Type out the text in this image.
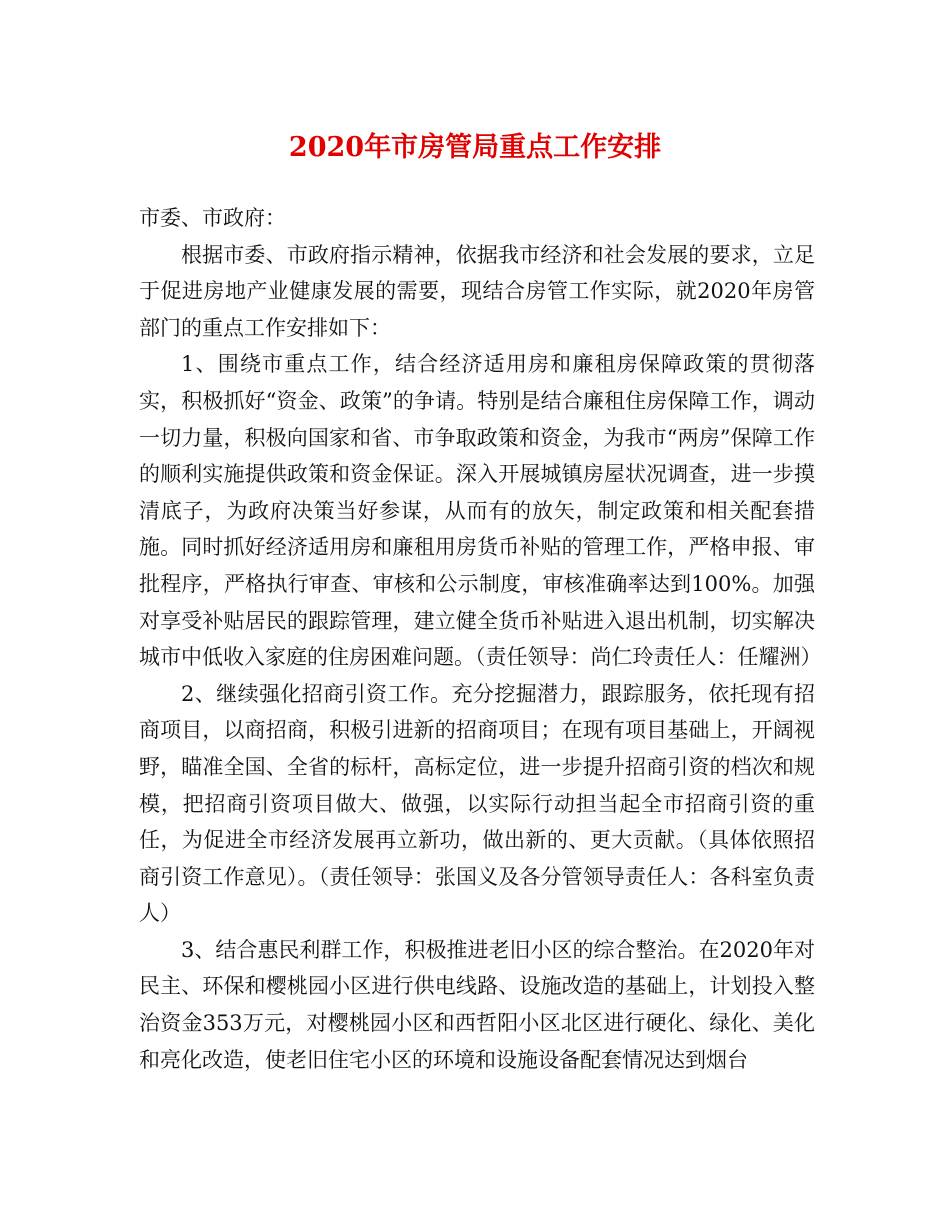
2020年市房管局重点工作安排

市委、市政府：

根据市委、市政府指示精神，依据我市经济和社会发展的要求，立足于促进房地产业健康发展的需要，现结合房管工作实际，就2020年房管部门的重点工作安排如下：

1、围绕市重点工作，结合经济适用房和廉租房保障政策的贯彻落实，积极抓好“资金、政策”的争请。特别是结合廉租住房保障工作，调动一切力量，积极向国家和省、市争取政策和资金，为我市“两房”保障工作的顺利实施提供政策和资金保证。深入开展城镇房屋状况调查，进一步摸清底子，为政府决策当好参谋，从而有的放矢，制定政策和相关配套措施。同时抓好经济适用房和廉租用房货币补贴的管理工作，严格申报、审批程序，严格执行审查、审核和公示制度，审核准确率达到100%。加强对享受补贴居民的跟踪管理，建立健全货币补贴进入退出机制，切实解决城市中低收入家庭的住房困难问题。（责任领导：尚仁玲责任人：任耀洲）

2、继续强化招商引资工作。充分挖掘潜力，跟踪服务，依托现有招商项目，以商招商，积极引进新的招商项目；在现有项目基础上，开阔视野，瞄准全国、全省的标杆，高标定位，进一步提升招商引资的档次和规模，把招商引资项目做大、做强，以实际行动担当起全市招商引资的重任，为促进全市经济发展再立新功，做出新的、更大贡献。（具体依照招商引资工作意见）。（责任领导：张国义及各分管领导责任人：各科室负责人）

3、结合惠民利群工作，积极推进老旧小区的综合整治。在2020年对民主、环保和樱桃园小区进行供电线路、设施改造的基础上，计划投入整治资金353万元，对樱桃园小区和西哲阳小区北区进行硬化、绿化、美化和亮化改造，使老旧住宅小区的环境和设施设备配套情况达到烟台
